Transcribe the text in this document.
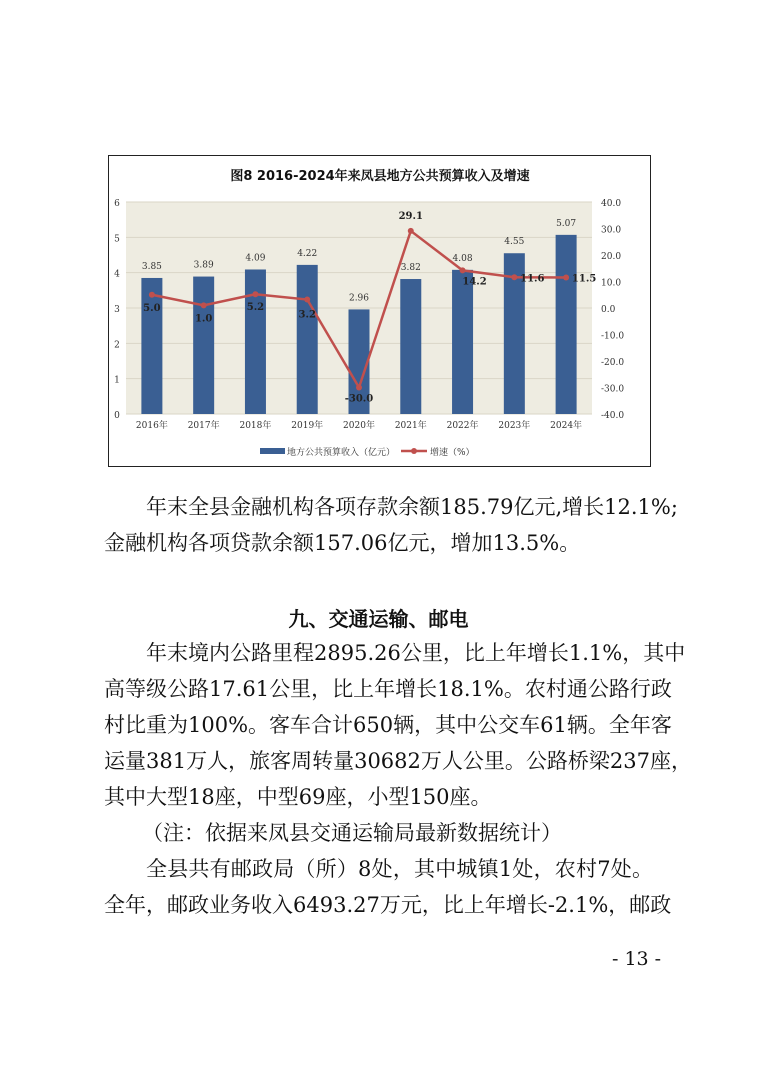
图8 2016-2024年来凤县地方公共预算收入及增速
0
1
2
3
4
5
6
-40.0
-30.0
-20.0
-10.0
0.0
10.0
20.0
30.0
40.0
3.85	3.89
4.09	4.22
2.96
3.82
4.08
4.55
5.07
2016年 2017年 2018年 2019年 2020年 2021年 2022年 2023年 2024年
5.0
1.0
5.2
3.2
-30.0
29.1
14.2	11.6	11.5
地方公共预算收入（亿元）	增速（%）
年末全县金融机构各项存款余额185.79亿元,增长12.1%;
金融机构各项贷款余额157.06亿元，增加13.5%。
九、交通运输、邮电
年末境内公路里程2895.26公里，比上年增长1.1%，其中
高等级公路17.61公里，比上年增长18.1%。农村通公路行政
村比重为100%。客车合计650辆，其中公交车61辆。全年客
运量381万人，旅客周转量30682万人公里。公路桥梁237座，
其中大型18座，中型69座，小型150座。
（注：依据来凤县交通运输局最新数据统计）
全县共有邮政局（所）8处，其中城镇1处，农村7处。
全年，邮政业务收入6493.27万元，比上年增长-2.1%，邮政
- 13 -
